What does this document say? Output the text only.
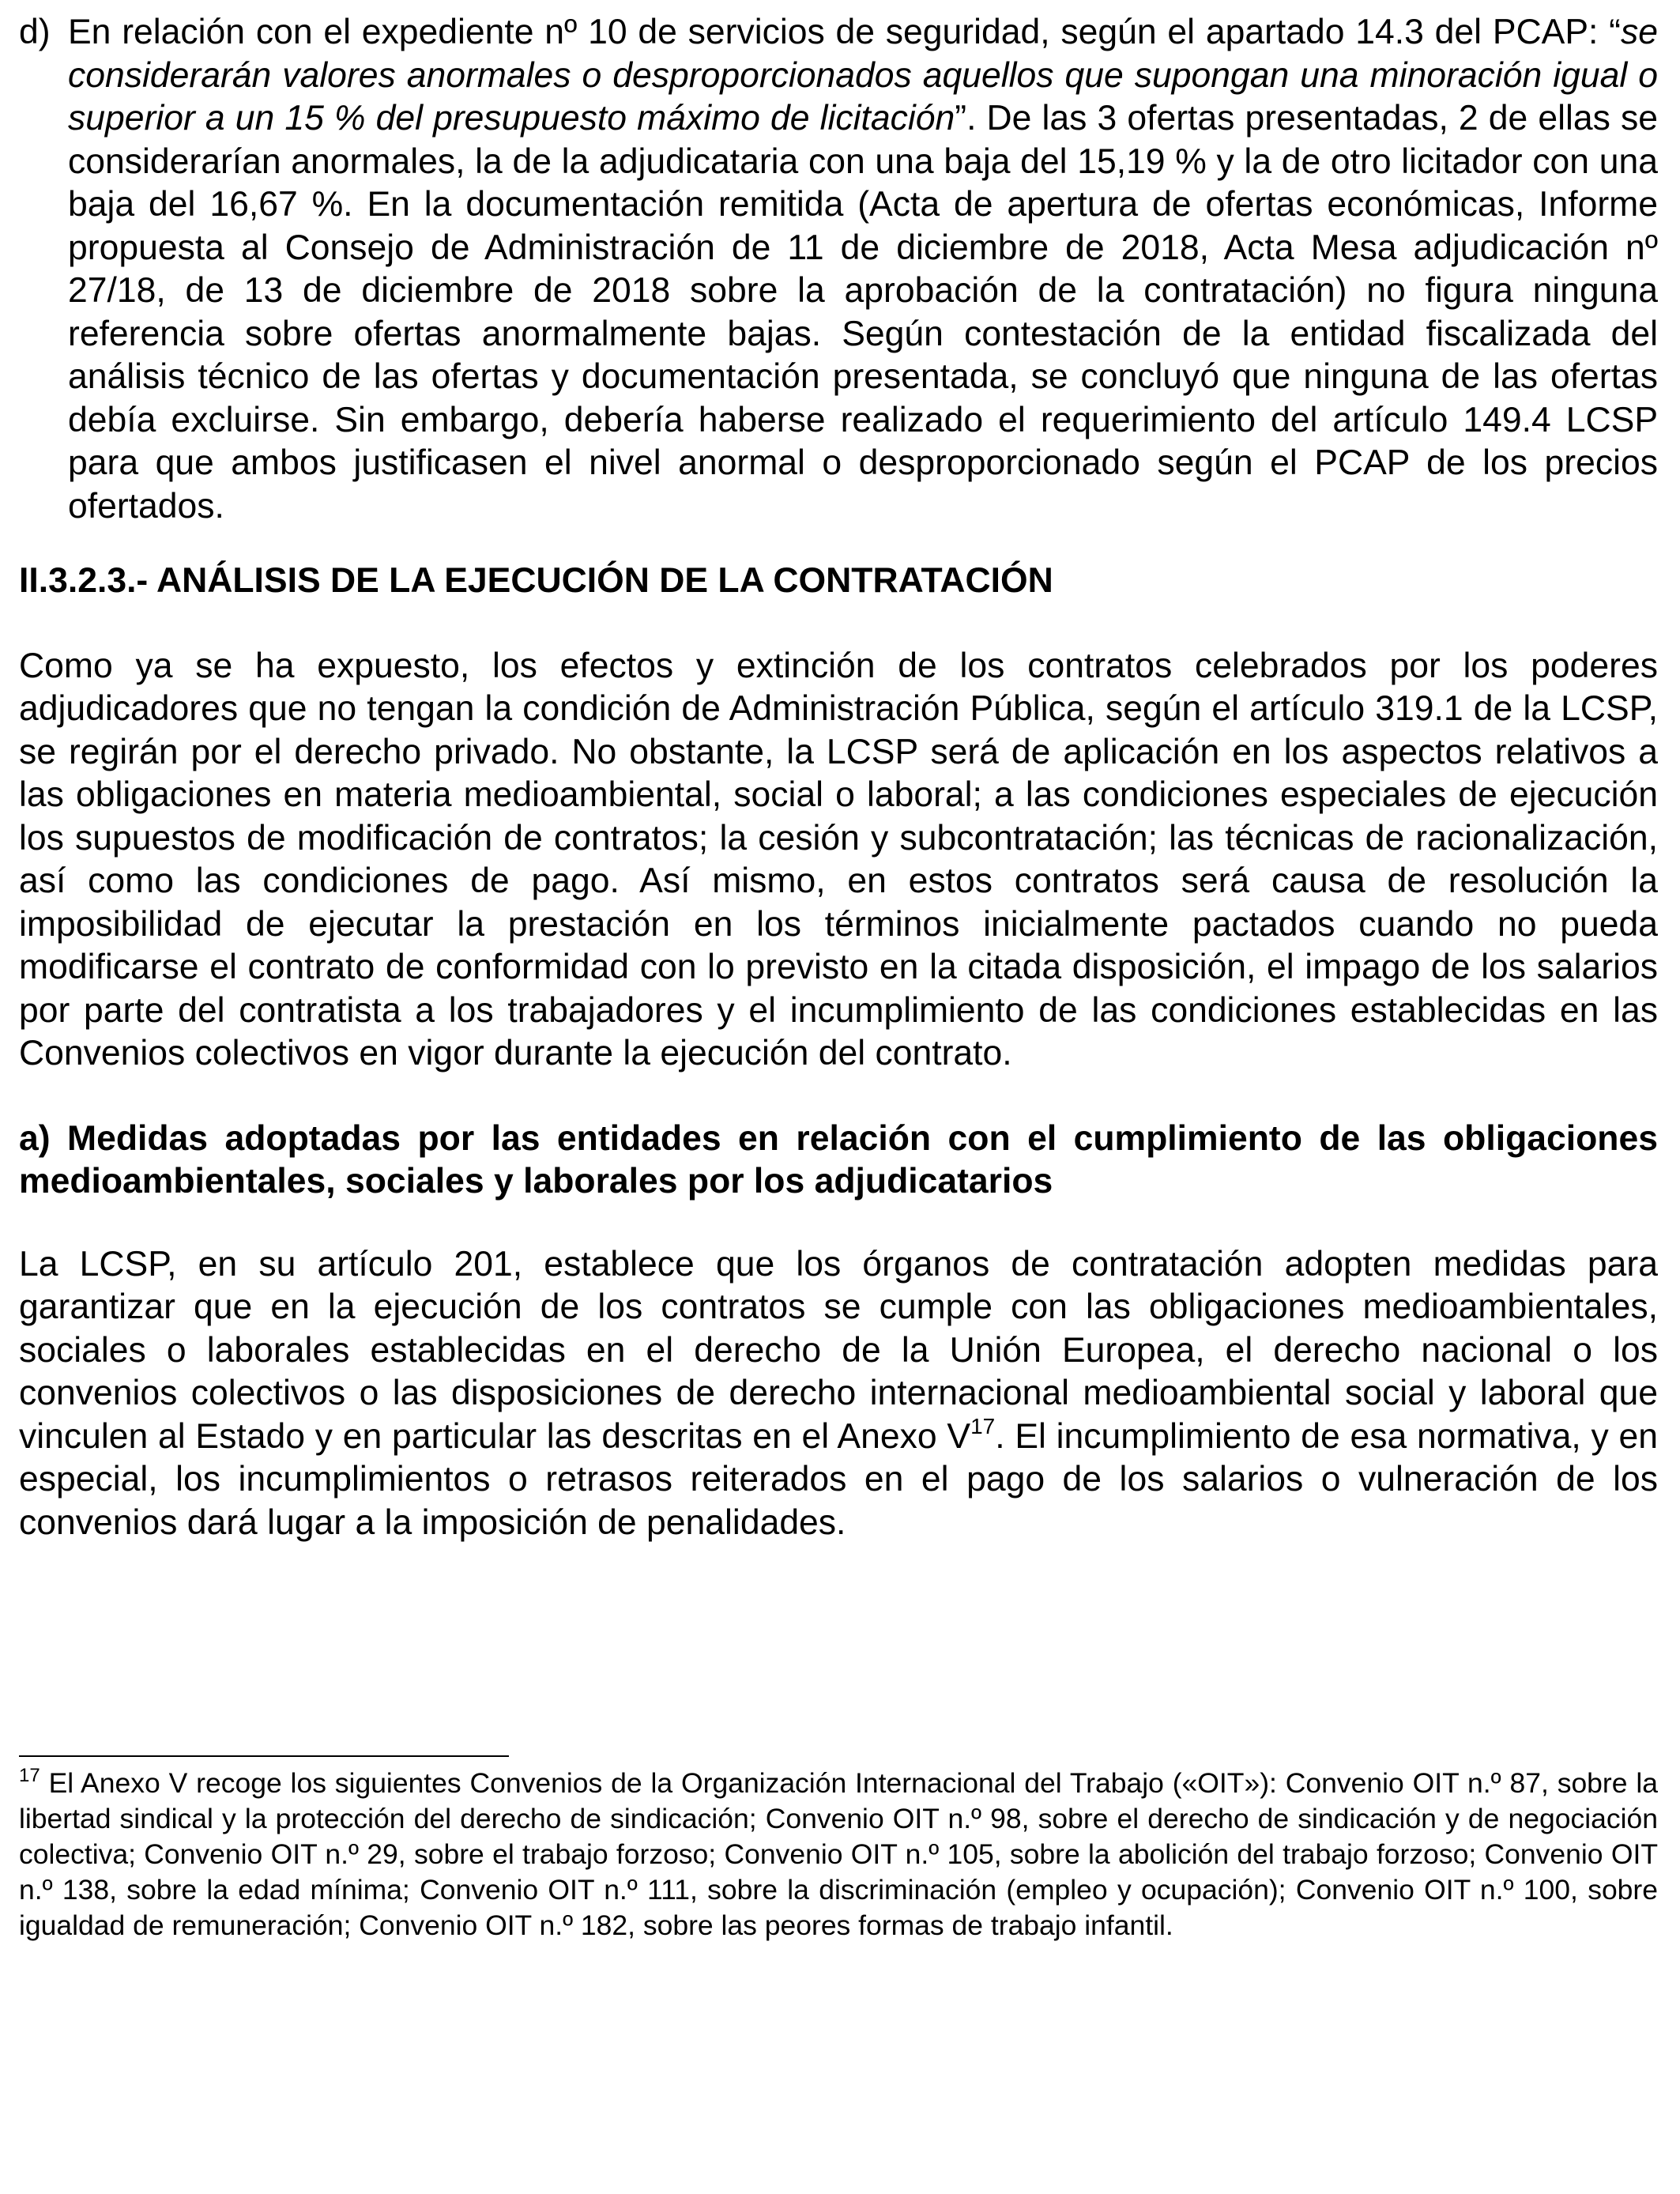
d) En relación con el expediente nº 10 de servicios de seguridad, según el apartado 14.3 del PCAP: “se considerarán valores anormales o desproporcionados aquellos que supongan una minoración igual o superior a un 15 % del presupuesto máximo de licitación”. De las 3 ofertas presentadas, 2 de ellas se considerarían anormales, la de la adjudicataria con una baja del 15,19 % y la de otro licitador con una baja del 16,67 %. En la documentación remitida (Acta de apertura de ofertas económicas, Informe propuesta al Consejo de Administración de 11 de diciembre de 2018, Acta Mesa adjudicación nº 27/18, de 13 de diciembre de 2018 sobre la aprobación de la contratación) no figura ninguna referencia sobre ofertas anormalmente bajas. Según contestación de la entidad fiscalizada del análisis técnico de las ofertas y documentación presentada, se concluyó que ninguna de las ofertas debía excluirse. Sin embargo, debería haberse realizado el requerimiento del artículo 149.4 LCSP para que ambos justificasen el nivel anormal o desproporcionado según el PCAP de los precios ofertados.

II.3.2.3.- ANÁLISIS DE LA EJECUCIÓN DE LA CONTRATACIÓN

Como ya se ha expuesto, los efectos y extinción de los contratos celebrados por los poderes adjudicadores que no tengan la condición de Administración Pública, según el artículo 319.1 de la LCSP, se regirán por el derecho privado. No obstante, la LCSP será de aplicación en los aspectos relativos a las obligaciones en materia medioambiental, social o laboral; a las condiciones especiales de ejecución los supuestos de modificación de contratos; la cesión y subcontratación; las técnicas de racionalización, así como las condiciones de pago. Así mismo, en estos contratos será causa de resolución la imposibilidad de ejecutar la prestación en los términos inicialmente pactados cuando no pueda modificarse el contrato de conformidad con lo previsto en la citada disposición, el impago de los salarios por parte del contratista a los trabajadores y el incumplimiento de las condiciones establecidas en las Convenios colectivos en vigor durante la ejecución del contrato.

a) Medidas adoptadas por las entidades en relación con el cumplimiento de las obligaciones medioambientales, sociales y laborales por los adjudicatarios

La LCSP, en su artículo 201, establece que los órganos de contratación adopten medidas para garantizar que en la ejecución de los contratos se cumple con las obligaciones medioambientales, sociales o laborales establecidas en el derecho de la Unión Europea, el derecho nacional o los convenios colectivos o las disposiciones de derecho internacional medioambiental social y laboral que vinculen al Estado y en particular las descritas en el Anexo $V^{17}$. El incumplimiento de esa normativa, y en especial, los incumplimientos o retrasos reiterados en el pago de los salarios o vulneración de los convenios dará lugar a la imposición de penalidades.

$^{17}$ El Anexo V recoge los siguientes Convenios de la Organización Internacional del Trabajo («OIT»): Convenio OIT n.º 87, sobre la libertad sindical y la protección del derecho de sindicación; Convenio OIT n.º 98, sobre el derecho de sindicación y de negociación colectiva; Convenio OIT n.º 29, sobre el trabajo forzoso; Convenio OIT n.º 105, sobre la abolición del trabajo forzoso; Convenio OIT n.º 138, sobre la edad mínima; Convenio OIT n.º 111, sobre la discriminación (empleo y ocupación); Convenio OIT n.º 100, sobre igualdad de remuneración; Convenio OIT n.º 182, sobre las peores formas de trabajo infantil.
